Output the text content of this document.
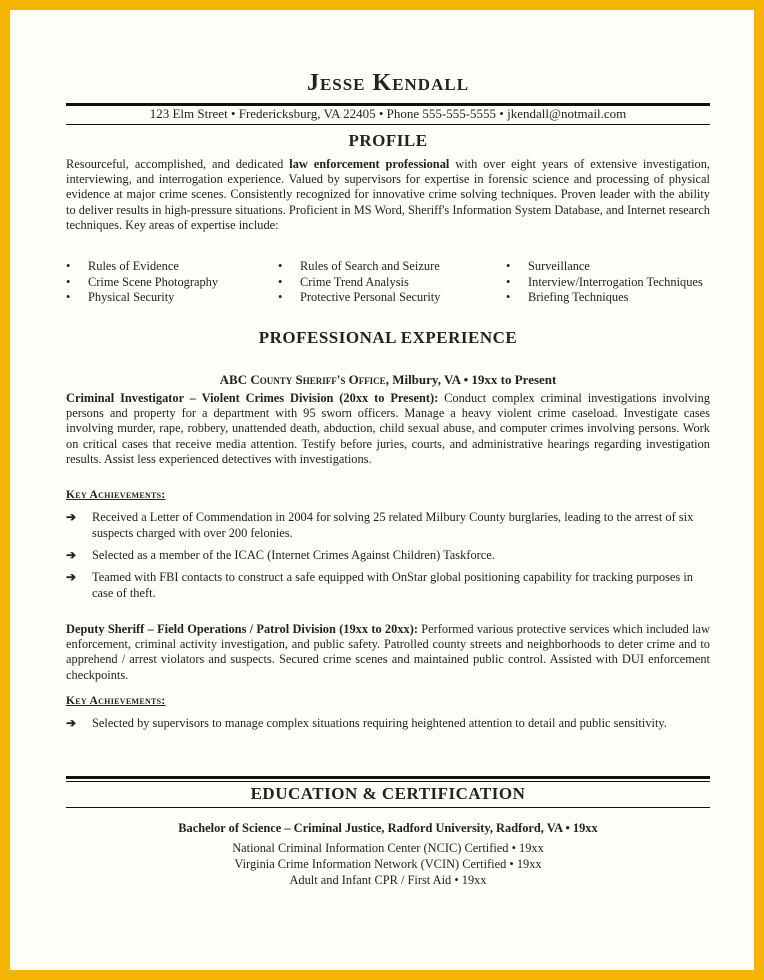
Jesse Kendall
123 Elm Street • Fredericksburg, VA 22405 • Phone 555-555-5555 • jkendall@notmail.com
PROFILE
Resourceful, accomplished, and dedicated law enforcement professional with over eight years of extensive investigation, interviewing, and interrogation experience. Valued by supervisors for expertise in forensic science and processing of physical evidence at major crime scenes. Consistently recognized for innovative crime solving techniques. Proven leader with the ability to deliver results in high-pressure situations. Proficient in MS Word, Sheriff's Information System Database, and Internet research techniques. Key areas of expertise include:
• Rules of Evidence
• Crime Scene Photography
• Physical Security
• Rules of Search and Seizure
• Crime Trend Analysis
• Protective Personal Security
• Surveillance
• Interview/Interrogation Techniques
• Briefing Techniques
PROFESSIONAL EXPERIENCE
ABC County Sheriff's Office, Milbury, VA • 19xx to Present
Criminal Investigator – Violent Crimes Division (20xx to Present): Conduct complex criminal investigations involving persons and property for a department with 95 sworn officers. Manage a heavy violent crime caseload. Investigate cases involving murder, rape, robbery, unattended death, abduction, child sexual abuse, and computer crimes involving persons. Work on critical cases that receive media attention. Testify before juries, courts, and administrative hearings regarding investigation results. Assist less experienced detectives with investigations.
Key Achievements:
➔ Received a Letter of Commendation in 2004 for solving 25 related Milbury County burglaries, leading to the arrest of six suspects charged with over 200 felonies.
➔ Selected as a member of the ICAC (Internet Crimes Against Children) Taskforce.
➔ Teamed with FBI contacts to construct a safe equipped with OnStar global positioning capability for tracking purposes in case of theft.
Deputy Sheriff – Field Operations / Patrol Division (19xx to 20xx): Performed various protective services which included law enforcement, criminal activity investigation, and public safety. Patrolled county streets and neighborhoods to deter crime and to apprehend / arrest violators and suspects. Secured crime scenes and maintained public control. Assisted with DUI enforcement checkpoints.
Key Achievements:
➔ Selected by supervisors to manage complex situations requiring heightened attention to detail and public sensitivity.
EDUCATION & CERTIFICATION
Bachelor of Science – Criminal Justice, Radford University, Radford, VA • 19xx
National Criminal Information Center (NCIC) Certified • 19xx
Virginia Crime Information Network (VCIN) Certified • 19xx
Adult and Infant CPR / First Aid • 19xx
